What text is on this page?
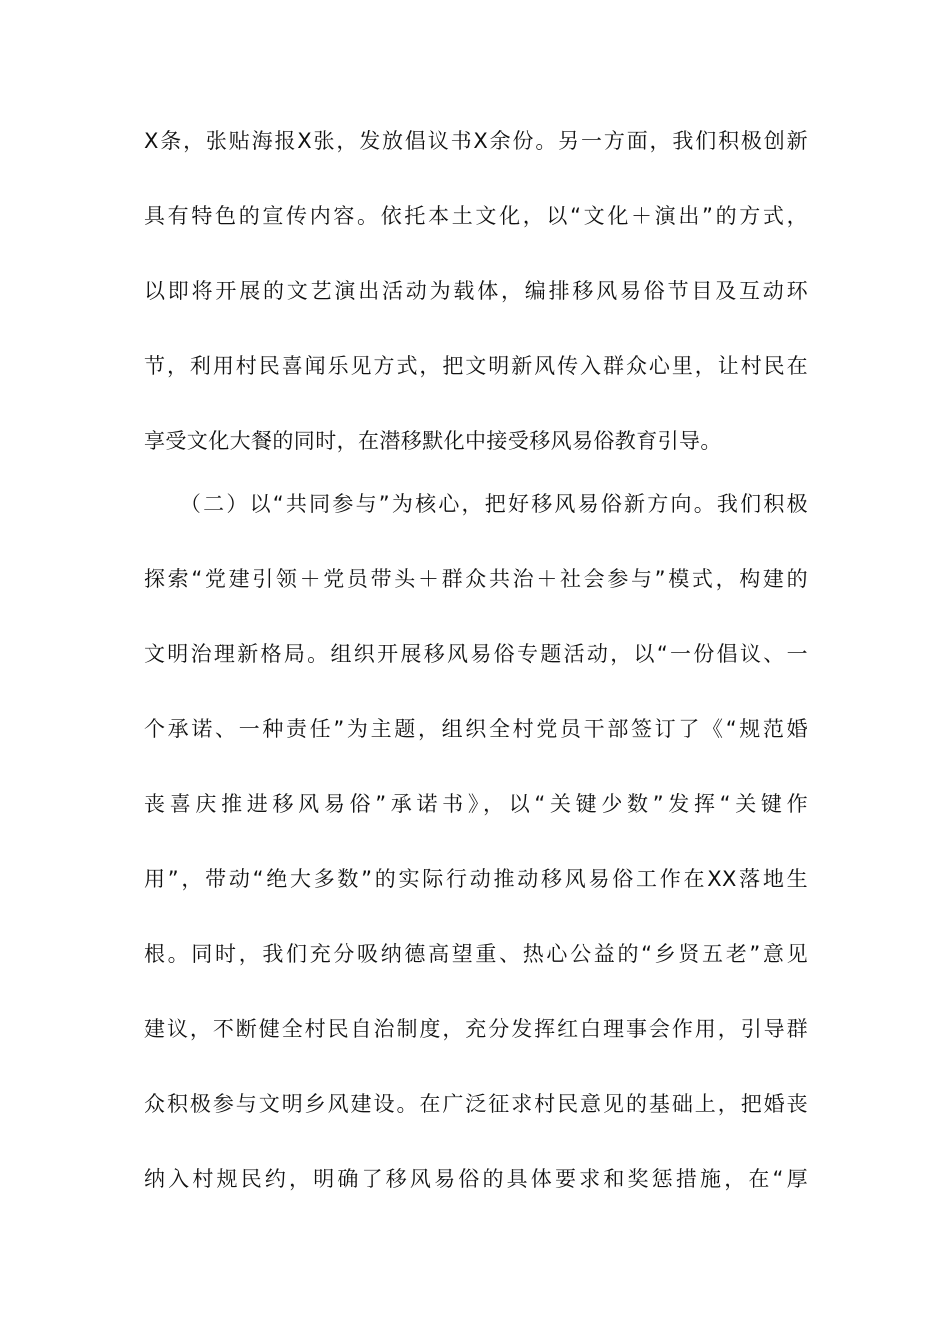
X条，张贴海报X张，发放倡议书X余份。另一方面，我们积极创新
具有特色的宣传内容。依托本土文化，以“文化＋演出”的方式，
以即将开展的文艺演出活动为载体，编排移风易俗节目及互动环
节，利用村民喜闻乐见方式，把文明新风传入群众心里，让村民在
享受文化大餐的同时，在潜移默化中接受移风易俗教育引导。
　　（二）以“共同参与”为核心，把好移风易俗新方向。我们积极
探索“党建引领＋党员带头＋群众共治＋社会参与”模式，构建的
文明治理新格局。组织开展移风易俗专题活动，以“一份倡议、一
个承诺、一种责任”为主题，组织全村党员干部签订了《“规范婚
丧喜庆推进移风易俗”承诺书》，以“关键少数”发挥“关键作
用”，带动“绝大多数”的实际行动推动移风易俗工作在XX落地生
根。同时，我们充分吸纳德高望重、热心公益的“乡贤五老”意见
建议，不断健全村民自治制度，充分发挥红白理事会作用，引导群
众积极参与文明乡风建设。在广泛征求村民意见的基础上，把婚丧
纳入村规民约，明确了移风易俗的具体要求和奖惩措施，在“厚
